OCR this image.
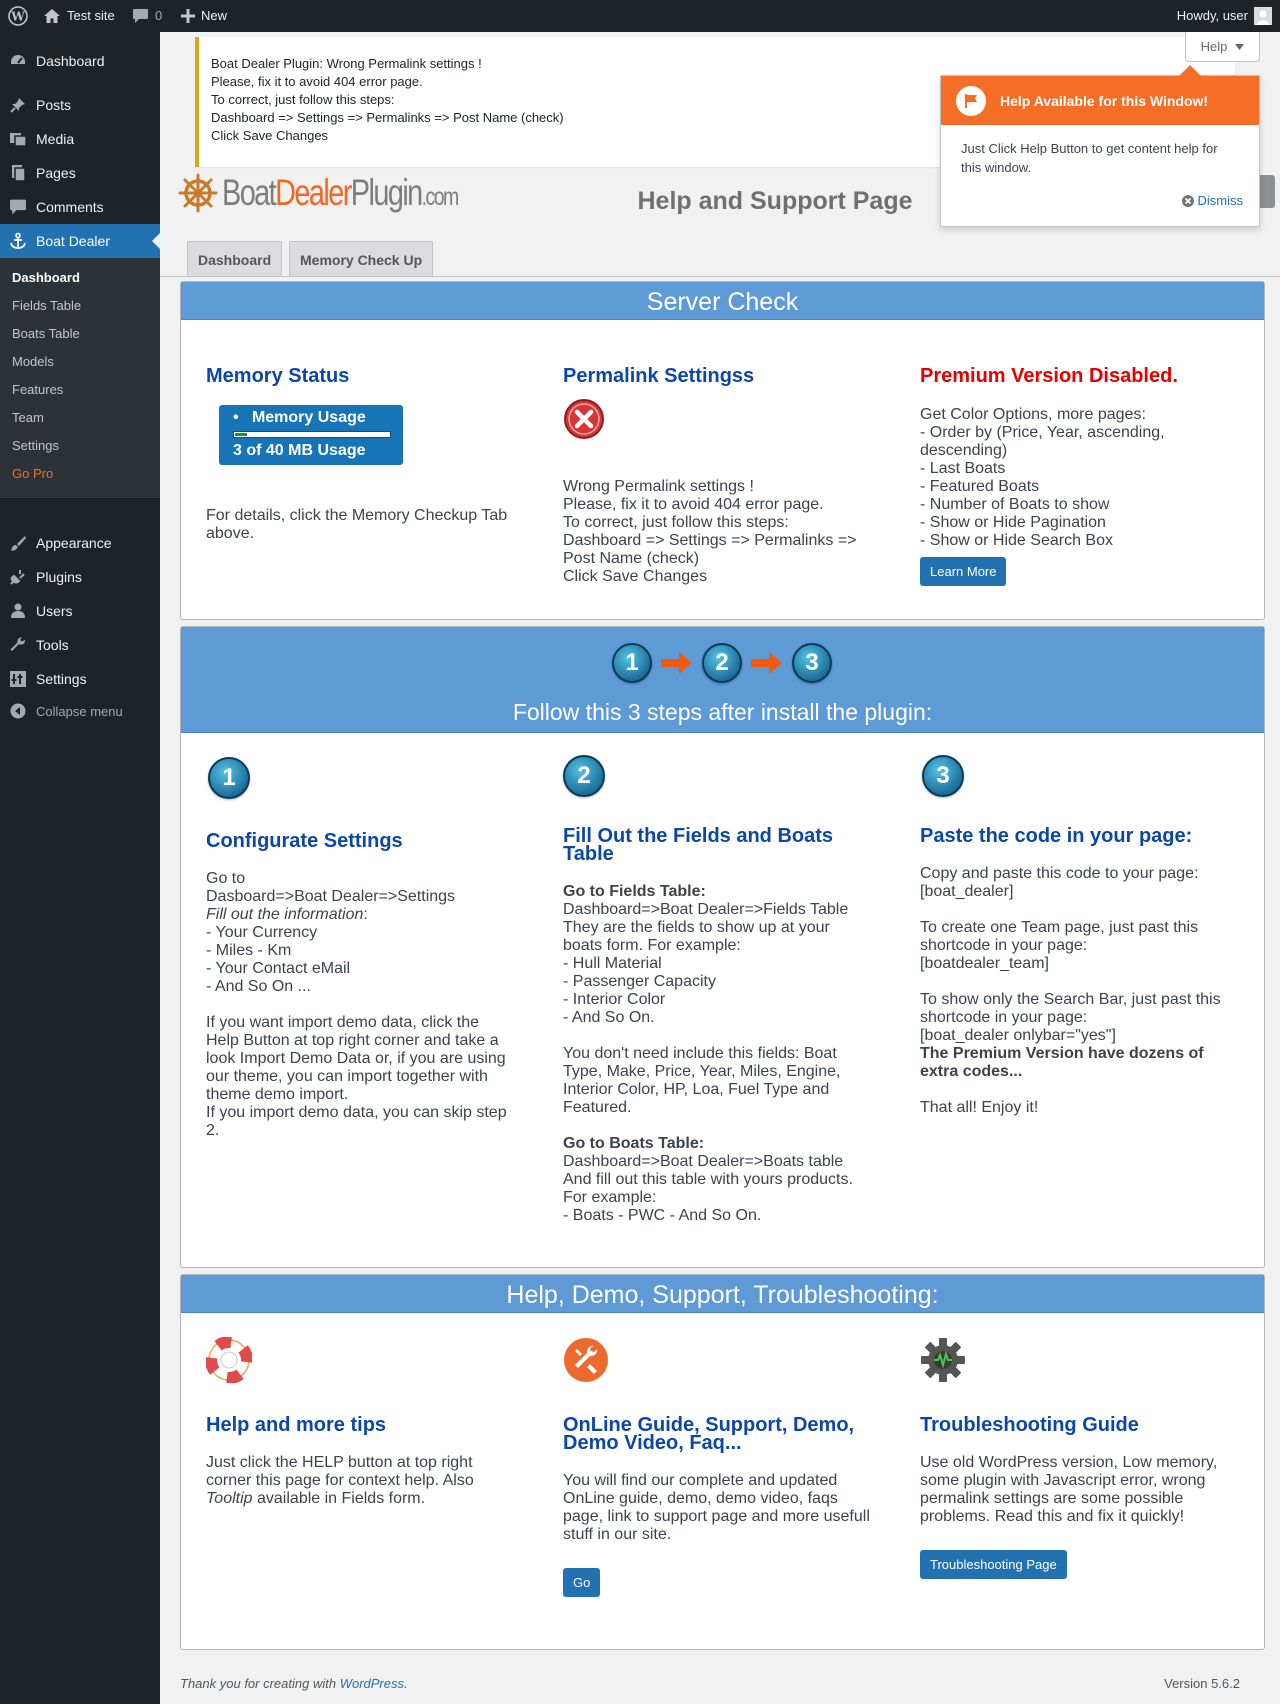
W	Test site	0	New	Howdy, user
Dashboard
Posts
Media
Pages
Comments
Boat Dealer
Appearance
Plugins
Users
Tools
Settings
Collapse menu
Dashboard
Fields Table
Boats Table
Models
Features
Team
Settings
Go Pro
Boat Dealer Plugin: Wrong Permalink settings !
Please, fix it to avoid 404 error page.
To correct, just follow this steps:
Dashboard => Settings => Permalinks => Post Name (check)
Click Save Changes
Help
BoatDealerPlugin.com	Help and Support Page
Help Available for this Window!
Just Click Help Button to get content help for this window.
Dismiss
Dashboard Memory Check Up
Server Check
Memory Status
•   Memory Usage
3 of 40 MB Usage
For details, click the Memory Checkup Tab above.
Permalink Settingss
Wrong Permalink settings !
Please, fix it to avoid 404 error page.
To correct, just follow this steps:
Dashboard => Settings => Permalinks =>
Post Name (check)
Click Save Changes
Premium Version Disabled.
Get Color Options, more pages:
- Order by (Price, Year, ascending,
descending)
- Last Boats
- Featured Boats
- Number of Boats to show
- Show or Hide Pagination
- Show or Hide Search Box
Learn More
1	2	3
Follow this 3 steps after install the plugin:
1
Configurate Settings
Go to
Dasboard=>Boat Dealer=>Settings
Fill out the information:
- Your Currency
- Miles - Km
- Your Contact eMail
- And So On ...
If you want import demo data, click the
Help Button at top right corner and take a
look Import Demo Data or, if you are using
our theme, you can import together with
theme demo import.
If you import demo data, you can skip step
2.
2
Fill Out the Fields and Boats
Table
Go to Fields Table:
Dashboard=>Boat Dealer=>Fields Table
They are the fields to show up at your
boats form. For example:
- Hull Material
- Passenger Capacity
- Interior Color
- And So On.
You don't need include this fields: Boat
Type, Make, Price, Year, Miles, Engine,
Interior Color, HP, Loa, Fuel Type and
Featured.
Go to Boats Table:
Dashboard=>Boat Dealer=>Boats table
And fill out this table with yours products.
For example:
- Boats - PWC - And So On.
3
Paste the code in your page:
Copy and paste this code to your page:
[boat_dealer]
To create one Team page, just past this
shortcode in your page:
[boatdealer_team]
To show only the Search Bar, just past this
shortcode in your page:
[boat_dealer onlybar="yes"]
The Premium Version have dozens of
extra codes...
That all! Enjoy it!
Help, Demo, Support, Troubleshooting:
Help and more tips
Just click the HELP button at top right
corner this page for context help. Also
Tooltip available in Fields form.
OnLine Guide, Support, Demo,
Demo Video, Faq...
You will find our complete and updated
OnLine guide, demo, demo video, faqs
page, link to support page and more usefull
stuff in our site.
Go
Troubleshooting Guide
Use old WordPress version, Low memory,
some plugin with Javascript error, wrong
permalink settings are some possible
problems. Read this and fix it quickly!
Troubleshooting Page
Thank you for creating with WordPress.	Version 5.6.2
